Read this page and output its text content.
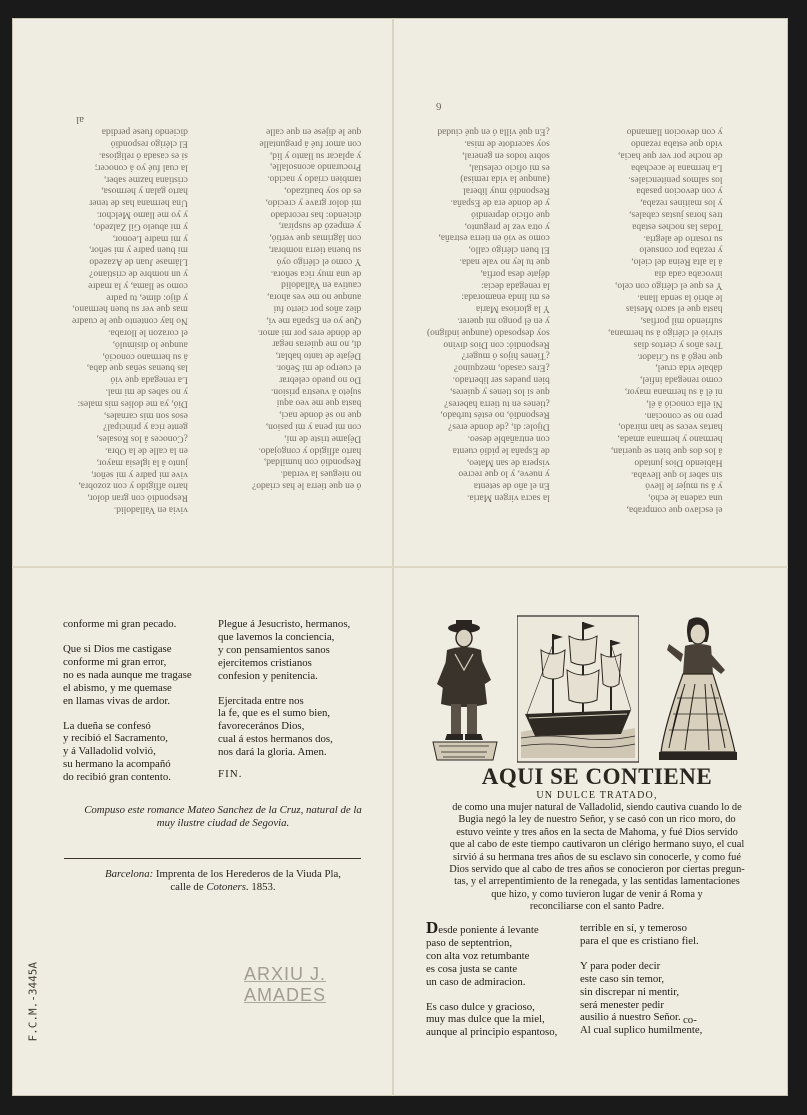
el esclavo que compraba,
una cadena le echó,
y á su mujer le llevó
sin saber lo que llevaba.
Habiendo Dios juntado
á los dos que bien se querian,
hermano y hermana amada,
hartas veces se han mirado,
pero no se conocian.
Ni ella conoció á él,
ni él á su hermana mayor,
como renegada infiel,
dábale vida cruel,
que negó á su Criador.
Tres años y ciertos dias
sirvió el clérigo á su hermana,
sufriendo mil porfias,
hasta que el sacro Mesías
le abrió la senda llana.
Y es que el clérigo con celo,
invocaba cada dia
á la alta Reina del cielo,
y rezaba por consuelo
su rosario de alegría.
Todas las noches estaba
tres horas justas cabales,
y los maitines rezaba,
y con devocion pasaba
los salmos penitenciales.
La hermana le acechaba
de noche por ver que hacia,
vido que estaba rezando
y con devocion llamando
la sacra virgen María.
En el año de setenta
y nueve, y lo que recreo
víspera de san Mateo,
de España le pidió cuenta
con entrañable deseo.
Díjole: di, ¿de donde eres?
Respondió, no estés turbado,
¿tienes en tu tierra haberes?
que si los tienes y quieres,
bien puedes ser libertado.
¿Eres casado, mezquino?
¿Tienes hijos ó muger?
Respondió: con Dios divino
soy desposado (aunque indigno)
y en él pongo mi querer.
Y la gloriosa María
es mi linda enamorada:
la renegada decia:
déjate desa porfía,
que tu ley no vale nada.
El buen clérigo callo,
como se vió en tierra estraña,
y otra vez le pregunto,
que oficio deprendió
y de donde era de España.
Respondió muy liberal
(aunque la vida remisa)
es mi oficio celestial,
sobre todos en general,
soy sacerdote de misa.
¿En qué villa ó en qué ciudad
ó en que tierra le has criado?
no niegues la verdad.
Respondió con humildad,
harto afligido y congojado.
Déjame triste de mí,
con mi pena y mi pasion,
que no sé donde nací,
basta que me veo aquí
sujeto á vuestra prision.
Do no puedo celebrar
el cuerpo de mi Señor.
Déjate de tanto hablar,
dí, no me quieras negar
de dónde eres por mi amor.
Que yo en España me ví,
diez años por cierto fuí
aunque no me ves ahora,
cautiva en Valladolid
de una muy rica señora.
Y como el clérigo oyó
su buena tierra nombrar,
con lágrimas que vertió,
y empezó de suspirar,
diciendo: has recordado
mi dolor grave y crecido,
es do soy bautizado,
tambien criado y nacido.
Procurando aconsolalle,
y aplacar su llanto y lid,
con amor fué á preguntalle
que le dijese en que calle
vivia en Valladolid.
Respondió con gran dolor,
harto afligido y con zozobra,
vive mi padre y mi señor,
junto á la iglesia mayor,
en la calle de la Obra.
¿Conoces á los Rosales,
gente rica y principal?
esos son mis carnales,
Dió, ya me dolíes mis males:
y no sabes de mi mal.
La renegada que vió
las buenas señas que daba,
á su hermano conoció,
aunque lo disimuló,
el corazon le lloraba.
No hay contento que le cuadre
mas que ver su buen hermano,
y dijo: dime, tu padre
como se llama, y la madre
y un nombre de cristiano?
Llámase Juan de Azazedo
mi buen padre y mi señor,
y mi madre Leonor,
y mi abuelo Gil Zalzedo,
y yo me llamo Melchor.
Una hermana has de tener
harto galan y hermosa,
cristiana hazme saber,
la cual fué yo á conocer;
si es casada ó religiosa.
El clérigo respondió
diciendo fuese perdida
6
al
conforme mi gran pecado.
Que si Dios me castigase
conforme mi gran error,
no es nada aunque me tragase
el abismo, y me quemase
en llamas vivas de ardor.
La dueña se confesó
y recibió el Sacramento,
y á Valladolid volvió,
su hermano la acompañó
do recibió gran contento.
Plegue á Jesucristo, hermanos,
que lavemos la conciencia,
y con pensamientos sanos
ejercitemos cristianos
confesion y penitencia.
Ejercitada entre nos
la fe, que es el sumo bien,
favorecerános Dios,
cual á estos hermanos dos,
nos dará la gloria. Amen.
FIN.
Compuso este romance Mateo Sanchez de la Cruz, natural de la
muy ilustre ciudad de Segovia.
Barcelona: Imprenta de los Herederos de la Viuda Pla,
calle de Cotoners. 1853.
ARXIU J.
AMADES
AQUI SE CONTIENE
UN DULCE TRATADO,
de como una mujer natural de Valladolid, siendo cautiva cuando lo de
Bugia negó la ley de nuestro Señor, y se casó con un rico moro, do
estuvo veinte y tres años en la secta de Mahoma, y fué Dios servido
que al cabo de este tiempo cautivaron un clérigo hermano suyo, el cual
sirvió á su hermana tres años de su esclavo sin conocerle, y como fué
Dios servido que al cabo de tres años se conocieron por ciertas pregun-
tas, y el arrepentimiento de la renegada, y las sentidas lamentaciones
que hizo, y como tuvieron lugar de venir á Roma y
reconciliarse con el santo Padre.
Desde poniente á levante
paso de septentrion,
con alta voz retumbante
es cosa justa se cante
un caso de admiracion.
Es caso dulce y gracioso,
muy mas dulce que la miel,
aunque al principio espantoso,
terrible en sí, y temeroso
para el que es cristiano fiel.
Y para poder decir
este caso sin temor,
sin discrepar ni mentir,
será menester pedir
ausilio á nuestro Señor.
Al cual suplico humilmente,
co-
F.C.M.-3445A
